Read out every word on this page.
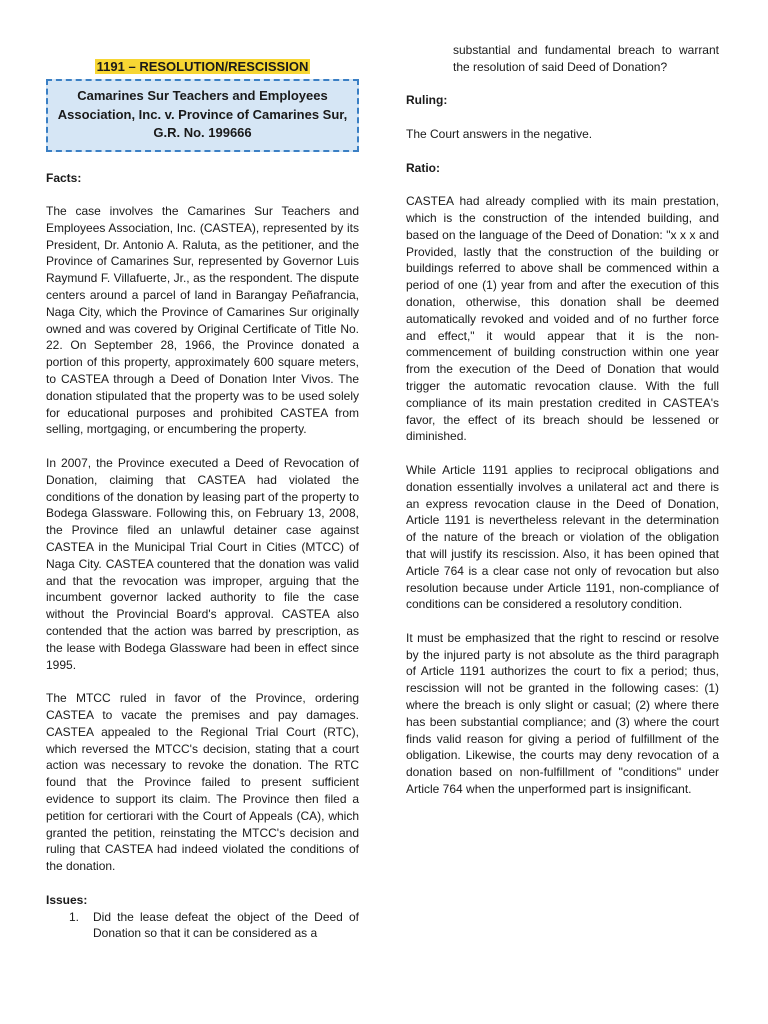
1191 – RESOLUTION/RESCISSION
Camarines Sur Teachers and Employees Association, Inc. v. Province of Camarines Sur, G.R. No. 199666
Facts:

The case involves the Camarines Sur Teachers and Employees Association, Inc. (CASTEA), represented by its President, Dr. Antonio A. Raluta, as the petitioner, and the Province of Camarines Sur, represented by Governor Luis Raymund F. Villafuerte, Jr., as the respondent. The dispute centers around a parcel of land in Barangay Peñafrancia, Naga City, which the Province of Camarines Sur originally owned and was covered by Original Certificate of Title No. 22. On September 28, 1966, the Province donated a portion of this property, approximately 600 square meters, to CASTEA through a Deed of Donation Inter Vivos. The donation stipulated that the property was to be used solely for educational purposes and prohibited CASTEA from selling, mortgaging, or encumbering the property.

In 2007, the Province executed a Deed of Revocation of Donation, claiming that CASTEA had violated the conditions of the donation by leasing part of the property to Bodega Glassware. Following this, on February 13, 2008, the Province filed an unlawful detainer case against CASTEA in the Municipal Trial Court in Cities (MTCC) of Naga City. CASTEA countered that the donation was valid and that the revocation was improper, arguing that the incumbent governor lacked authority to file the case without the Provincial Board's approval. CASTEA also contended that the action was barred by prescription, as the lease with Bodega Glassware had been in effect since 1995.

The MTCC ruled in favor of the Province, ordering CASTEA to vacate the premises and pay damages. CASTEA appealed to the Regional Trial Court (RTC), which reversed the MTCC's decision, stating that a court action was necessary to revoke the donation. The RTC found that the Province failed to present sufficient evidence to support its claim. The Province then filed a petition for certiorari with the Court of Appeals (CA), which granted the petition, reinstating the MTCC's decision and ruling that CASTEA had indeed violated the conditions of the donation.

Issues:
1. Did the lease defeat the object of the Deed of Donation so that it can be considered as a
substantial and fundamental breach to warrant the resolution of said Deed of Donation?
Ruling:

The Court answers in the negative.

Ratio:

CASTEA had already complied with its main prestation, which is the construction of the intended building, and based on the language of the Deed of Donation: "x x x and Provided, lastly that the construction of the building or buildings referred to above shall be commenced within a period of one (1) year from and after the execution of this donation, otherwise, this donation shall be deemed automatically revoked and voided and of no further force and effect," it would appear that it is the non-commencement of building construction within one year from the execution of the Deed of Donation that would trigger the automatic revocation clause. With the full compliance of its main prestation credited in CASTEA's favor, the effect of its breach should be lessened or diminished.

While Article 1191 applies to reciprocal obligations and donation essentially involves a unilateral act and there is an express revocation clause in the Deed of Donation, Article 1191 is nevertheless relevant in the determination of the nature of the breach or violation of the obligation that will justify its rescission. Also, it has been opined that Article 764 is a clear case not only of revocation but also resolution because under Article 1191, non-compliance of conditions can be considered a resolutory condition.

It must be emphasized that the right to rescind or resolve by the injured party is not absolute as the third paragraph of Article 1191 authorizes the court to fix a period; thus, rescission will not be granted in the following cases: (1) where the breach is only slight or casual; (2) where there has been substantial compliance; and (3) where the court finds valid reason for giving a period of fulfillment of the obligation. Likewise, the courts may deny revocation of a donation based on non-fulfillment of "conditions" under Article 764 when the unperformed part is insignificant.
